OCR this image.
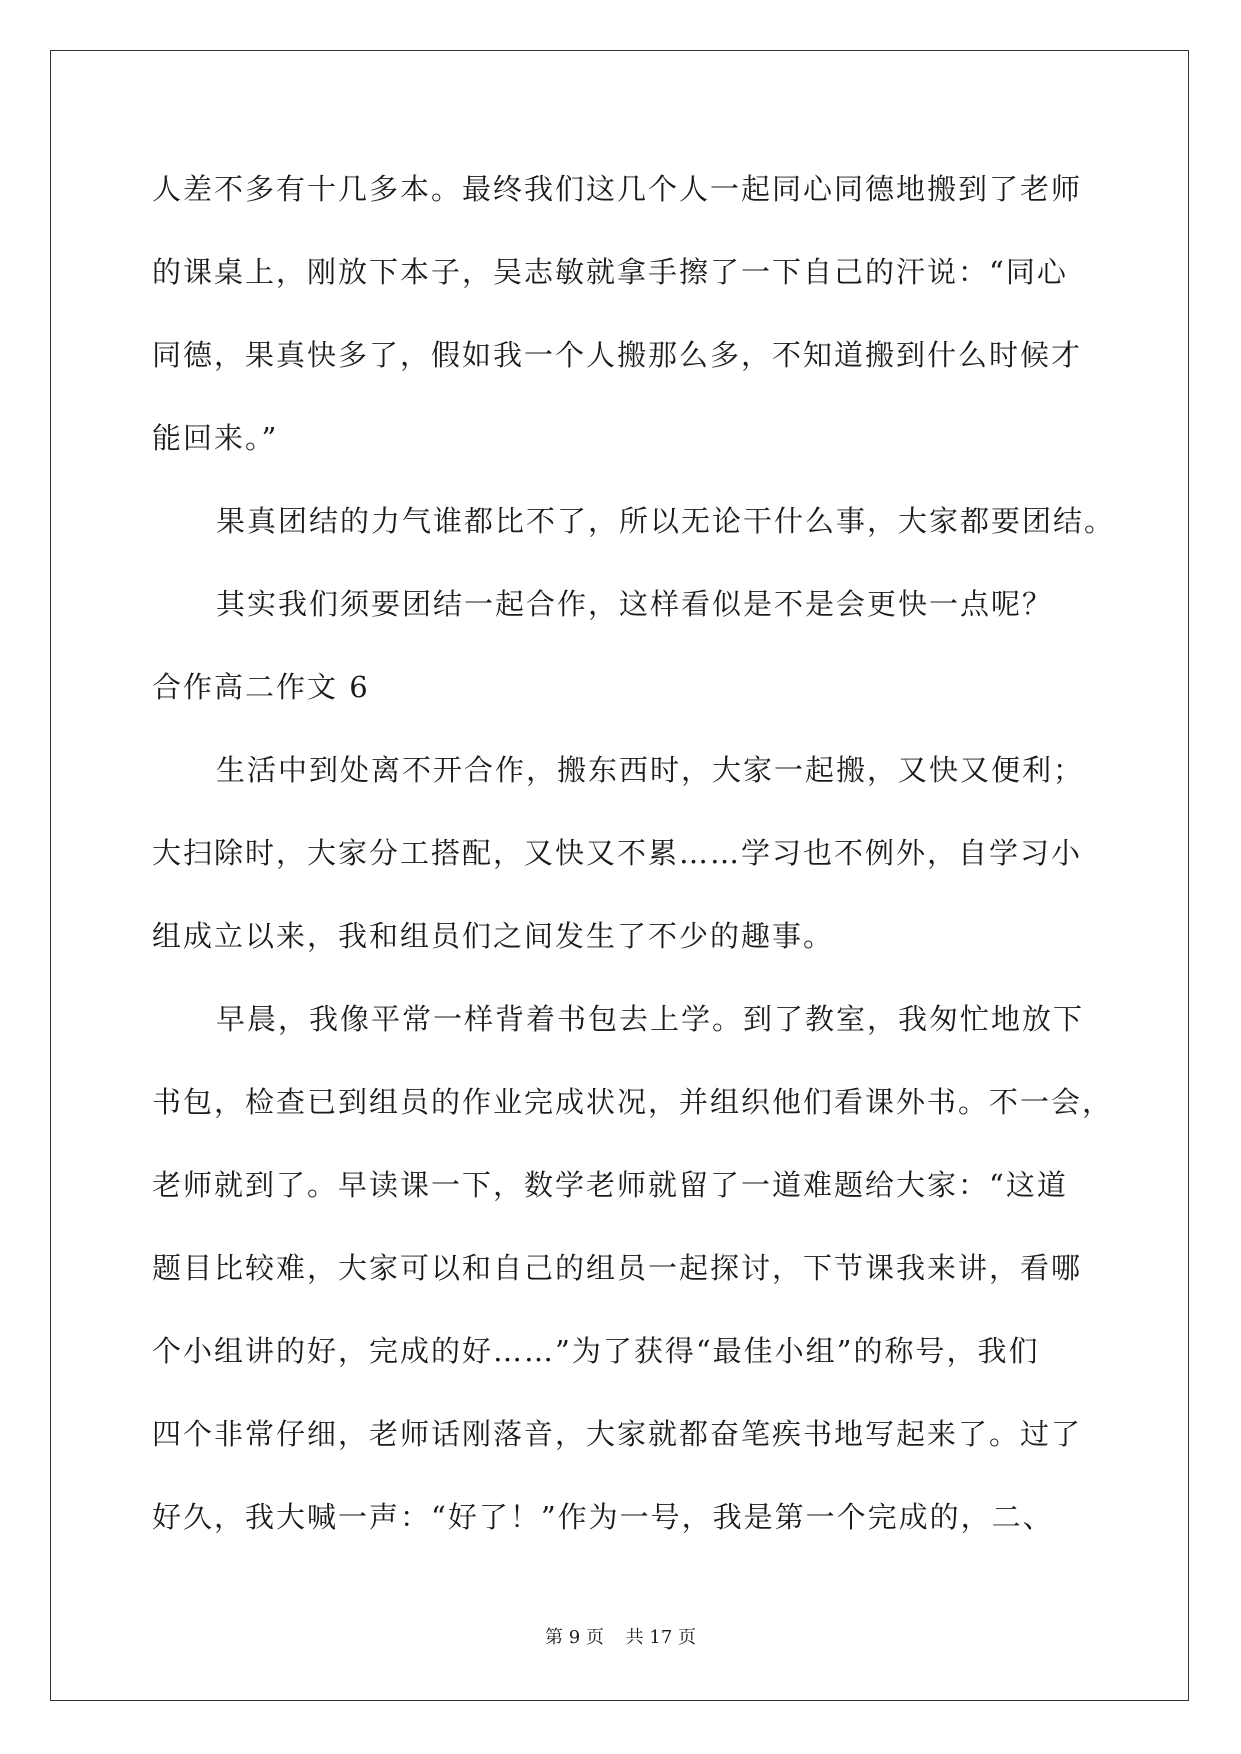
人差不多有十几多本。最终我们这几个人一起同心同德地搬到了老师
的课桌上，刚放下本子，吴志敏就拿手擦了一下自己的汗说：“同心
同德，果真快多了，假如我一个人搬那么多，不知道搬到什么时候才
能回来。”
果真团结的力气谁都比不了，所以无论干什么事，大家都要团结。
其实我们须要团结一起合作，这样看似是不是会更快一点呢？
合作高二作文 6
生活中到处离不开合作，搬东西时，大家一起搬，又快又便利；
大扫除时，大家分工搭配，又快又不累……学习也不例外，自学习小
组成立以来，我和组员们之间发生了不少的趣事。
早晨，我像平常一样背着书包去上学。到了教室，我匆忙地放下
书包，检查已到组员的作业完成状况，并组织他们看课外书。不一会，
老师就到了。早读课一下，数学老师就留了一道难题给大家：“这道
题目比较难，大家可以和自己的组员一起探讨，下节课我来讲，看哪
个小组讲的好，完成的好……”为了获得“最佳小组”的称号，我们
四个非常仔细，老师话刚落音，大家就都奋笔疾书地写起来了。过了
好久，我大喊一声：“好了！”作为一号，我是第一个完成的，二、
第 9 页 共 17 页
